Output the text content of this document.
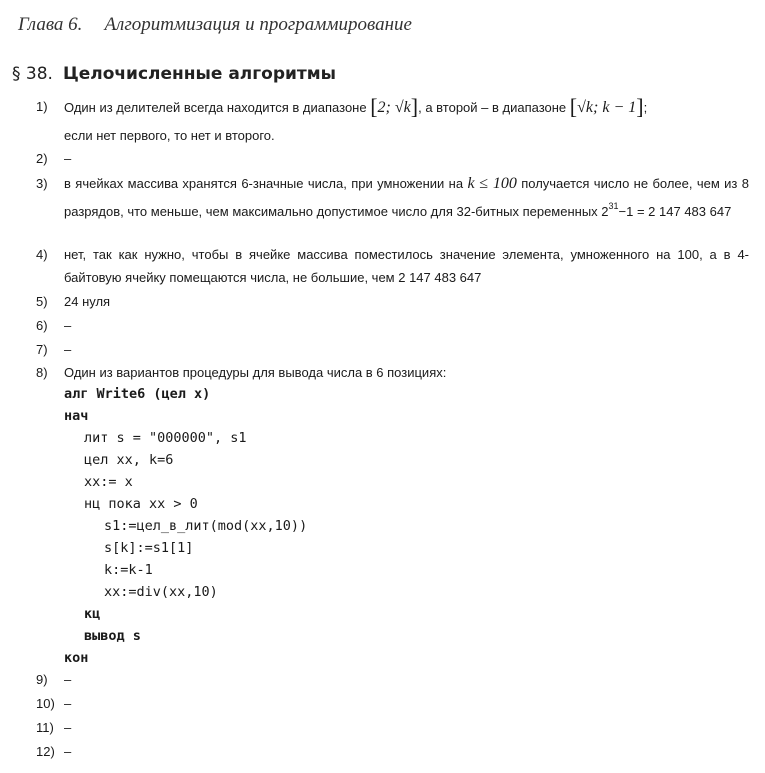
Глава 6. Алгоритмизация и программирование
§ 38. Целочисленные алгоритмы
1)	Один из делителей всегда находится в диапазоне [2; √k], а второй – в диапазоне [√k; k − 1];
если нет первого, то нет и второго.
2)	–
3)	в ячейках массива хранятся 6-значные числа, при умножении на k ≤ 100 получается число не более, чем из 8 разрядов, что меньше, чем максимально допустимое число для 32-битных переменных $2^{31}-1 = 2$ 147 483 647
4)	нет, так как нужно, чтобы в ячейке массива поместилось значение элемента, умноженного на 100, а в 4-байтовую ячейку помещаются числа, не большие, чем 2 147 483 647
5)	24 нуля
6)	–
7)	–
8)	Один из вариантов процедуры для вывода числа в 6 позициях:
алг Write6 (цел x)
нач
лит s = "000000", s1
цел xx, k=6
xx:= x
нц пока xx > 0
s1:=цел_в_лит(mod(xx,10))
s[k]:=s1[1]
k:=k-1
xx:=div(xx,10)
кц
вывод s
кон
9)	–
10) –
11) –
12) –
